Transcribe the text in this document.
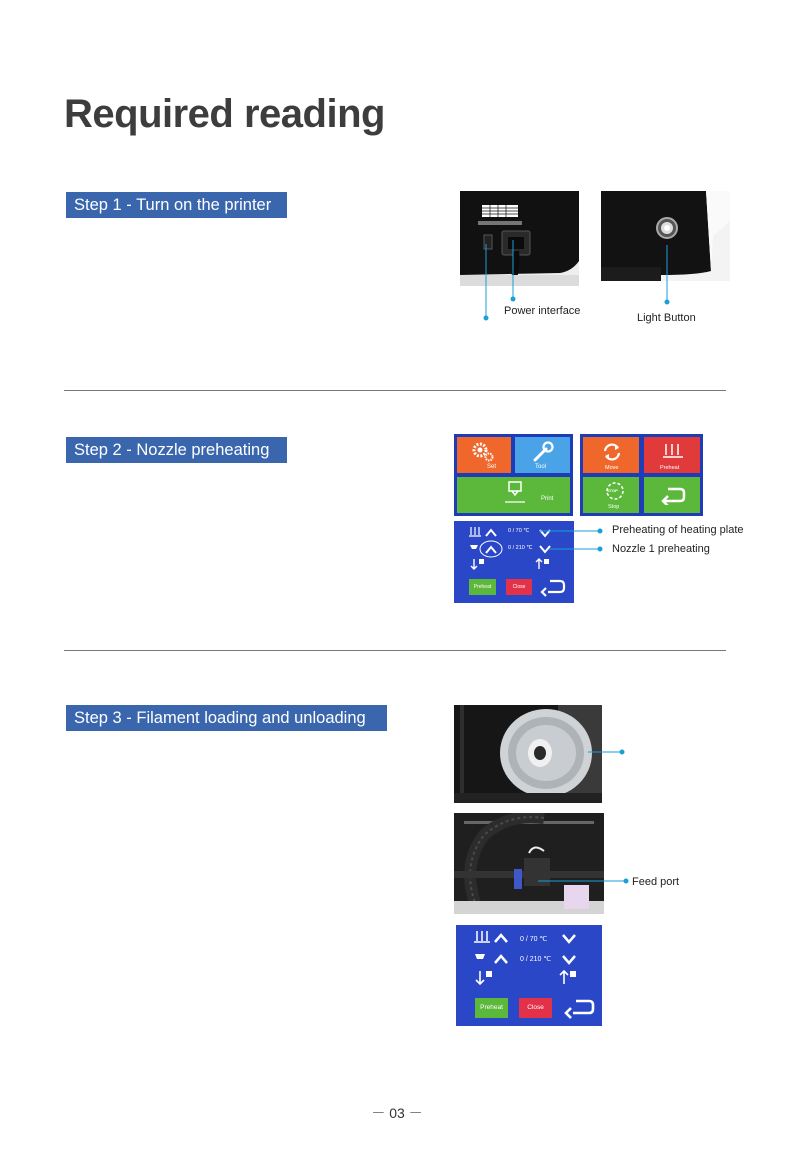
Required reading
Step 1 - Turn on the printer
Power interface
Light Button
Step 2 - Nozzle preheating
Set	Tool
Print
Move	Preheat
STOP
Stop
0 / 70 ℃
0 / 210 ℃
Preheat	Close
Preheating of heating plate
Nozzle 1 preheating
Step 3 - Filament loading and unloading
Feed port
0 / 70 ℃
0 / 210 ℃
Preheat	Close
－ 03 －
